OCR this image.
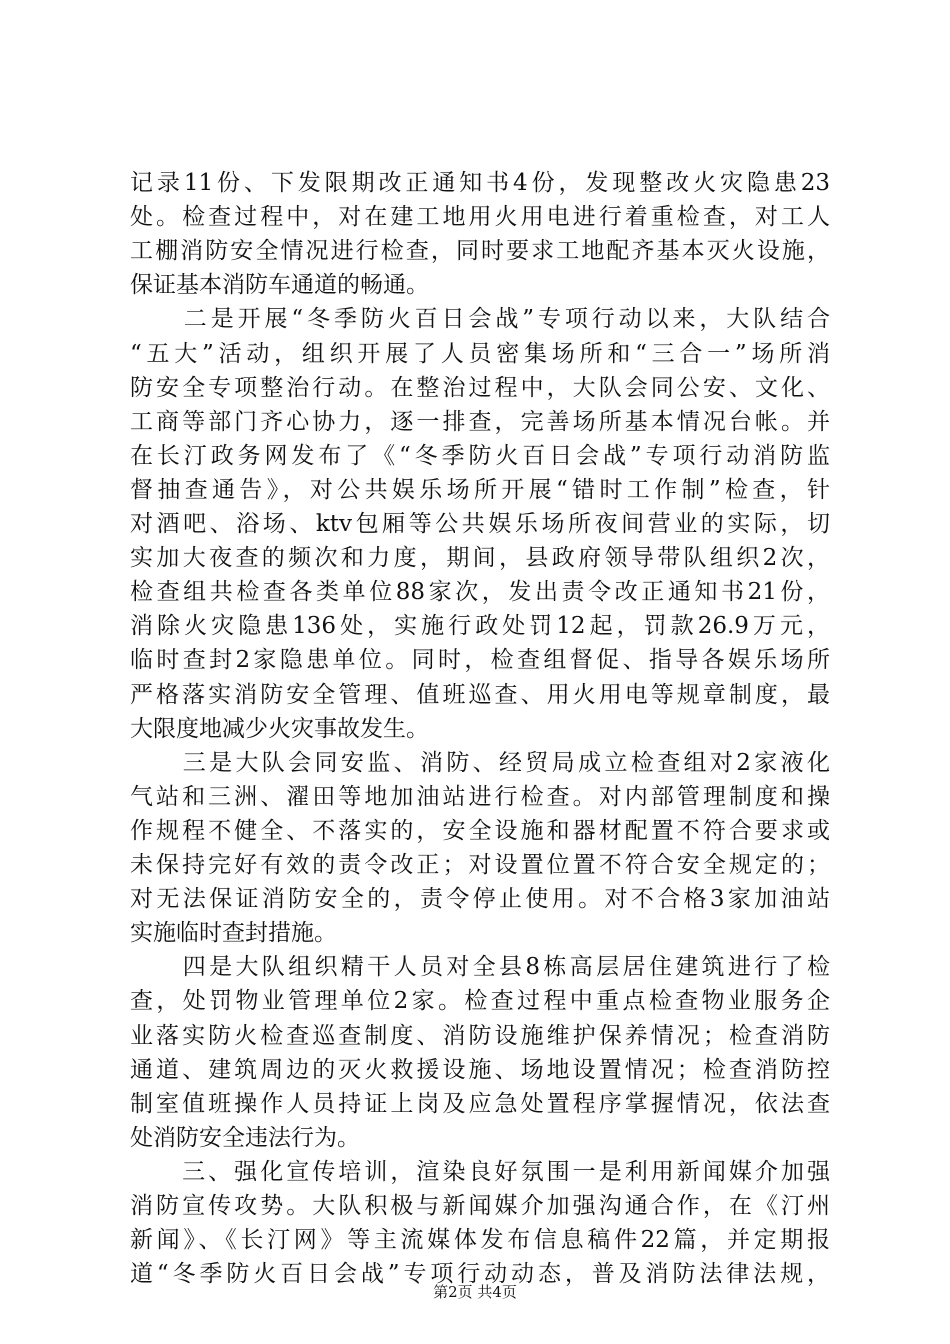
记录11份、下发限期改正通知书4份，发现整改火灾隐患23
处。检查过程中，对在建工地用火用电进行着重检查，对工人
工棚消防安全情况进行检查，同时要求工地配齐基本灭火设施，
保证基本消防车通道的畅通。
　　二是开展“冬季防火百日会战”专项行动以来，大队结合
“五大”活动，组织开展了人员密集场所和“三合一”场所消
防安全专项整治行动。在整治过程中，大队会同公安、文化、
工商等部门齐心协力，逐一排查，完善场所基本情况台帐。并
在长汀政务网发布了《“冬季防火百日会战”专项行动消防监
督抽查通告》，对公共娱乐场所开展“错时工作制”检查，针
对酒吧、浴场、ktv包厢等公共娱乐场所夜间营业的实际，切
实加大夜查的频次和力度，期间，县政府领导带队组织2次，
检查组共检查各类单位88家次，发出责令改正通知书21份，
消除火灾隐患136处，实施行政处罚12起，罚款26.9万元，
临时查封2家隐患单位。同时，检查组督促、指导各娱乐场所
严格落实消防安全管理、值班巡查、用火用电等规章制度，最
大限度地减少火灾事故发生。
　　三是大队会同安监、消防、经贸局成立检查组对2家液化
气站和三洲、濯田等地加油站进行检查。对内部管理制度和操
作规程不健全、不落实的，安全设施和器材配置不符合要求或
未保持完好有效的责令改正；对设置位置不符合安全规定的；
对无法保证消防安全的，责令停止使用。对不合格3家加油站
实施临时查封措施。
　　四是大队组织精干人员对全县8栋高层居住建筑进行了检
查，处罚物业管理单位2家。检查过程中重点检查物业服务企
业落实防火检查巡查制度、消防设施维护保养情况；检查消防
通道、建筑周边的灭火救援设施、场地设置情况；检查消防控
制室值班操作人员持证上岗及应急处置程序掌握情况，依法查
处消防安全违法行为。
　　三、强化宣传培训，渲染良好氛围一是利用新闻媒介加强
消防宣传攻势。大队积极与新闻媒介加强沟通合作，在《汀州
新闻》、《长汀网》等主流媒体发布信息稿件22篇，并定期报
道“冬季防火百日会战”专项行动动态，普及消防法律法规，
第2页 共4页
